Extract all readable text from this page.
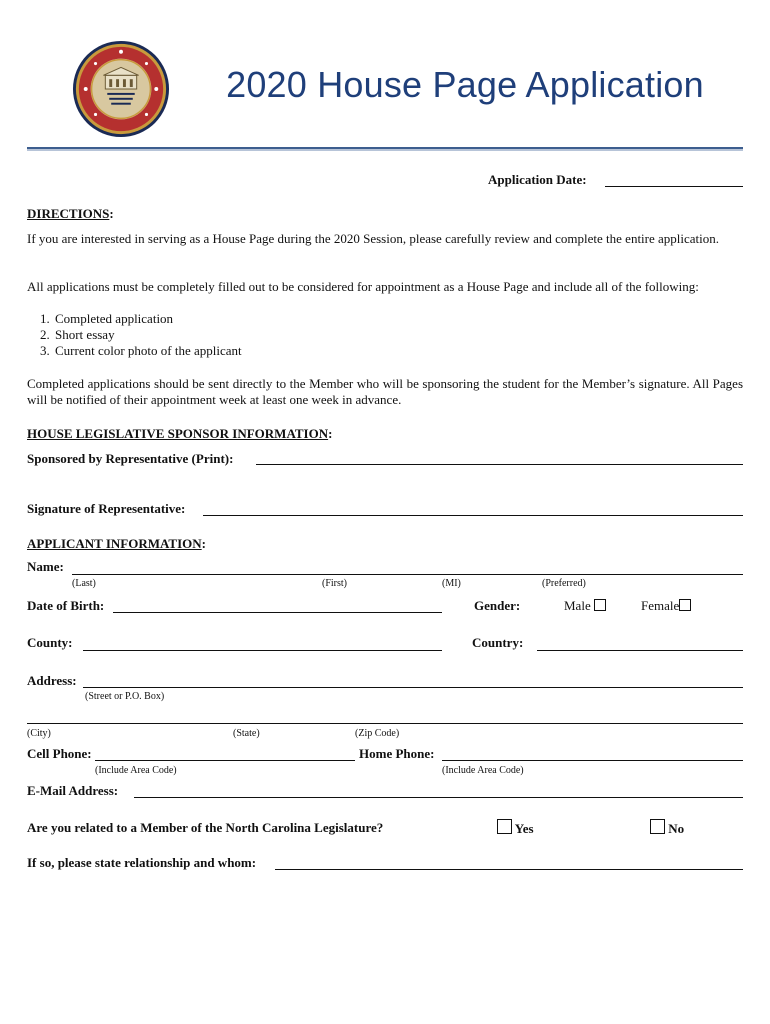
2020 House Page Application
Application Date:
DIRECTIONS:
If you are interested in serving as a House Page during the 2020 Session, please carefully review and complete the entire application.
All applications must be completely filled out to be considered for appointment as a House Page and include all of the following:
1. Completed application
2. Short essay
3. Current color photo of the applicant
Completed applications should be sent directly to the Member who will be sponsoring the student for the Member’s signature. All Pages will be notified of their appointment week at least one week in advance.
HOUSE LEGISLATIVE SPONSOR INFORMATION:
Sponsored by Representative (Print):
Signature of Representative:
APPLICANT INFORMATION:
Name:
(Last)	(First)	(MI)	(Preferred)
Date of Birth:	Gender:	Male	Female
County:	Country:
Address:
(Street or P.O. Box)
(City)	(State)	(Zip Code)
Cell Phone:
(Include Area Code)
Home Phone:
(Include Area Code)
E-Mail Address:
Are you related to a Member of the North Carolina Legislature?	Yes	No
If so, please state relationship and whom:
